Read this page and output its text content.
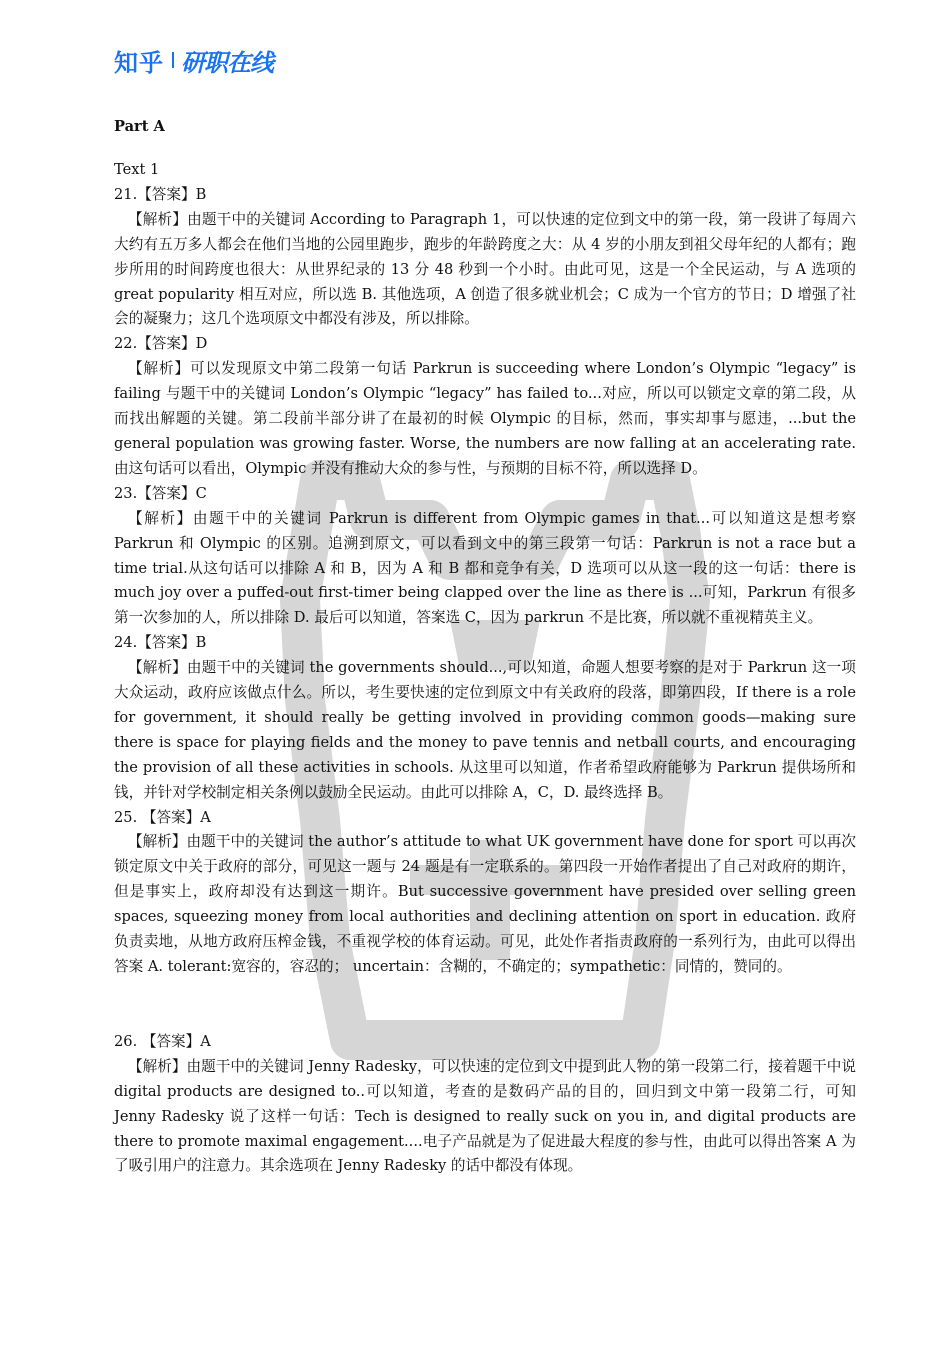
知乎 研职在线

Part A

Text 1

21.【答案】B

【解析】由题干中的关键词 According to Paragraph 1，可以快速的定位到文中的第一段，第一段讲了每周六大约有五万多人都会在他们当地的公园里跑步，跑步的年龄跨度之大：从 4 岁的小朋友到祖父母年纪的人都有；跑步所用的时间跨度也很大：从世界纪录的 13 分 48 秒到一个小时。由此可见，这是一个全民运动，与 A 选项的 great popularity 相互对应，所以选 B. 其他选项，A 创造了很多就业机会；C 成为一个官方的节日；D 增强了社会的凝聚力；这几个选项原文中都没有涉及，所以排除。

22.【答案】D

【解析】可以发现原文中第二段第一句话 Parkrun is succeeding where London’s Olympic “legacy” is failing 与题干中的关键词 London’s Olympic “legacy” has failed to...对应，所以可以锁定文章的第二段，从而找出解题的关键。第二段前半部分讲了在最初的时候 Olympic 的目标，然而，事实却事与愿违，...but the general population was growing faster. Worse, the numbers are now falling at an accelerating rate. 由这句话可以看出，Olympic 并没有推动大众的参与性，与预期的目标不符，所以选择 D。

23.【答案】C

【解析】由题干中的关键词 Parkrun is different from Olympic games in that...可以知道这是想考察 Parkrun 和 Olympic 的区别。追溯到原文，可以看到文中的第三段第一句话：Parkrun is not a race but a time trial.从这句话可以排除 A 和 B，因为 A 和 B 都和竞争有关，D 选项可以从这一段的这一句话：there is much joy over a puffed-out first-timer being clapped over the line as there is ...可知，Parkrun 有很多第一次参加的人，所以排除 D. 最后可以知道，答案选 C，因为 parkrun 不是比赛，所以就不重视精英主义。

24.【答案】B

【解析】由题干中的关键词 the governments should...,可以知道，命题人想要考察的是对于 Parkrun 这一项大众运动，政府应该做点什么。所以，考生要快速的定位到原文中有关政府的段落，即第四段，If there is a role for government, it should really be getting involved in providing common goods—making sure there is space for playing fields and the money to pave tennis and netball courts, and encouraging the provision of all these activities in schools. 从这里可以知道，作者希望政府能够为 Parkrun 提供场所和钱，并针对学校制定相关条例以鼓励全民运动。由此可以排除 A，C，D. 最终选择 B。

25. 【答案】A

【解析】由题干中的关键词 the author’s attitude to what UK government have done for sport 可以再次锁定原文中关于政府的部分，可见这一题与 24 题是有一定联系的。第四段一开始作者提出了自己对政府的期许，但是事实上，政府却没有达到这一期许。But successive government have presided over selling green spaces, squeezing money from local authorities and declining attention on sport in education. 政府负责卖地，从地方政府压榨金钱，不重视学校的体育运动。可见，此处作者指责政府的一系列行为，由此可以得出答案 A. tolerant:宽容的，容忍的； uncertain：含糊的，不确定的；sympathetic：同情的，赞同的。

26. 【答案】A

【解析】由题干中的关键词 Jenny Radesky，可以快速的定位到文中提到此人物的第一段第二行，接着题干中说 digital products are designed to..可以知道，考查的是数码产品的目的，回归到文中第一段第二行，可知 Jenny Radesky 说了这样一句话：Tech is designed to really suck on you in, and digital products are there to promote maximal engagement....电子产品就是为了促进最大程度的参与性，由此可以得出答案 A 为了吸引用户的注意力。其余选项在 Jenny Radesky 的话中都没有体现。
